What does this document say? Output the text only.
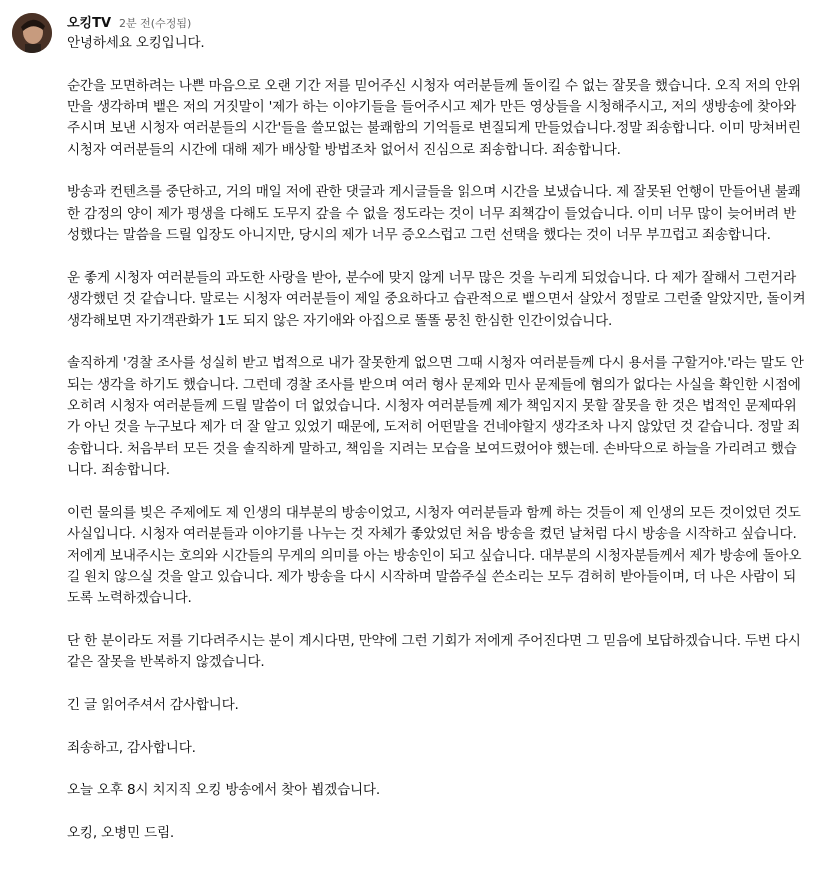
오킹TV 2분 전(수정됨)

안녕하세요 오킹입니다.

순간을 모면하려는 나쁜 마음으로 오랜 기간 저를 믿어주신 시청자 여러분들께 돌이킬 수 없는 잘못을 했습니다. 오직 저의 안위만을 생각하며 뱉은 저의 거짓말이 '제가 하는 이야기들을 들어주시고 제가 만든 영상들을 시청해주시고, 저의 생방송에 찾아와주시며 보낸 시청자 여러분들의 시간'들을 쓸모없는 불쾌함의 기억들로 변질되게 만들었습니다.정말 죄송합니다. 이미 망쳐버린 시청자 여러분들의 시간에 대해 제가 배상할 방법조차 없어서 진심으로 죄송합니다. 죄송합니다.

방송과 컨텐츠를 중단하고, 거의 매일 저에 관한 댓글과 게시글들을 읽으며 시간을 보냈습니다. 제 잘못된 언행이 만들어낸 불쾌한 감정의 양이 제가 평생을 다해도 도무지 갚을 수 없을 정도라는 것이 너무 죄책감이 들었습니다. 이미 너무 많이 늦어버려 반성했다는 말씀을 드릴 입장도 아니지만, 당시의 제가 너무 증오스럽고 그런 선택을 했다는 것이 너무 부끄럽고 죄송합니다.

운 좋게 시청자 여러분들의 과도한 사랑을 받아, 분수에 맞지 않게 너무 많은 것을 누리게 되었습니다. 다 제가 잘해서 그런거라 생각했던 것 같습니다. 말로는 시청자 여러분들이 제일 중요하다고 습관적으로 뱉으면서 살았서 정말로 그런줄 알았지만, 돌이켜 생각해보면 자기객관화가 1도 되지 않은 자기애와 아집으로 똘똘 뭉친 한심한 인간이었습니다.

솔직하게 '경찰 조사를 성실히 받고 법적으로 내가 잘못한게 없으면 그때 시청자 여러분들께 다시 용서를 구할거야.'라는 말도 안되는 생각을 하기도 했습니다. 그런데 경찰 조사를 받으며 여러 형사 문제와 민사 문제들에 혐의가 없다는 사실을 확인한 시점에 오히려 시청자 여러분들께 드릴 말씀이 더 없었습니다. 시청자 여러분들께 제가 책임지지 못할 잘못을 한 것은 법적인 문제따위가 아닌 것을 누구보다 제가 더 잘 알고 있었기 때문에, 도저히 어떤말을 건네야할지 생각조차 나지 않았던 것 같습니다. 정말 죄송합니다. 처음부터 모든 것을 솔직하게 말하고, 책임을 지려는 모습을 보여드렸어야 했는데. 손바닥으로 하늘을 가리려고 했습니다. 죄송합니다.

이런 물의를 빚은 주제에도 제 인생의 대부분의 방송이었고, 시청자 여러분들과 함께 하는 것들이 제 인생의 모든 것이었던 것도 사실입니다. 시청자 여러분들과 이야기를 나누는 것 자체가 좋았었던 처음 방송을 켰던 날처럼 다시 방송을 시작하고 싶습니다. 저에게 보내주시는 호의와 시간들의 무게의 의미를 아는 방송인이 되고 싶습니다. 대부분의 시청자분들께서 제가 방송에 돌아오길 원치 않으실 것을 알고 있습니다. 제가 방송을 다시 시작하며 말씀주실 쓴소리는 모두 겸허히 받아들이며, 더 나은 사람이 되도록 노력하겠습니다.

단 한 분이라도 저를 기다려주시는 분이 계시다면, 만약에 그런 기회가 저에게 주어진다면 그 믿음에 보답하겠습니다. 두번 다시 같은 잘못을 반복하지 않겠습니다.

긴 글 읽어주셔서 감사합니다.

죄송하고, 감사합니다.

오늘 오후 8시 치지직 오킹 방송에서 찾아 뵙겠습니다.

오킹, 오병민 드림.
